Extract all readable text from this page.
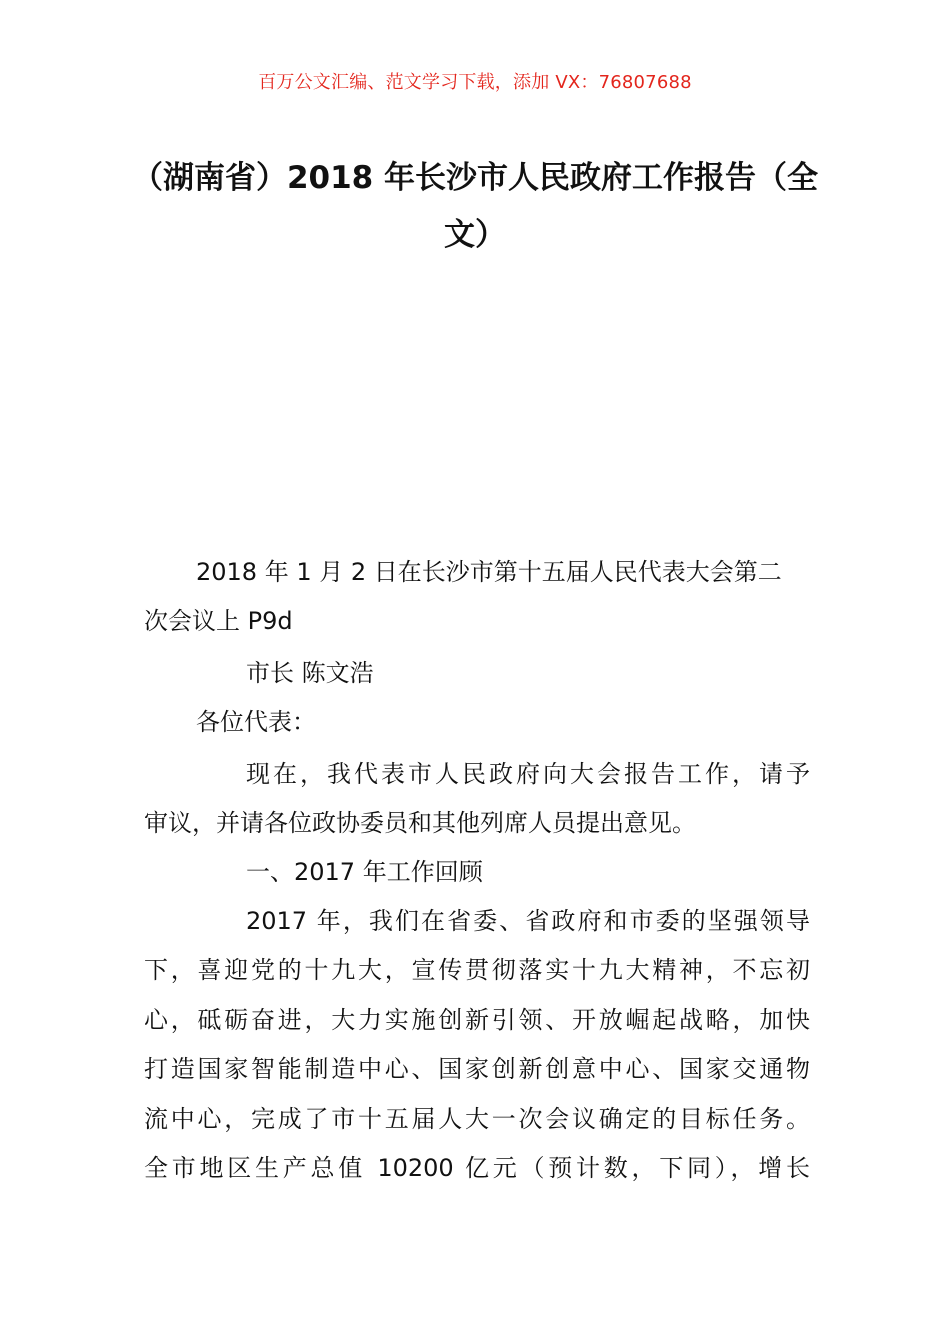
百万公文汇编、范文学习下载，添加 VX：76807688
（湖南省）2018 年长沙市人民政府工作报告（全文）
2018 年 1 月 2 日在长沙市第十五届人民代表大会第二
次会议上 P9d
市长 陈文浩
各位代表：
现在，我代表市人民政府向大会报告工作，请予
审议，并请各位政协委员和其他列席人员提出意见。
一、2017 年工作回顾
2017 年，我们在省委、省政府和市委的坚强领导
下，喜迎党的十九大，宣传贯彻落实十九大精神，不忘初
心，砥砺奋进，大力实施创新引领、开放崛起战略，加快
打造国家智能制造中心、国家创新创意中心、国家交通物
流中心，完成了市十五届人大一次会议确定的目标任务。
全市地区生产总值 10200 亿元（预计数，下同），增长
